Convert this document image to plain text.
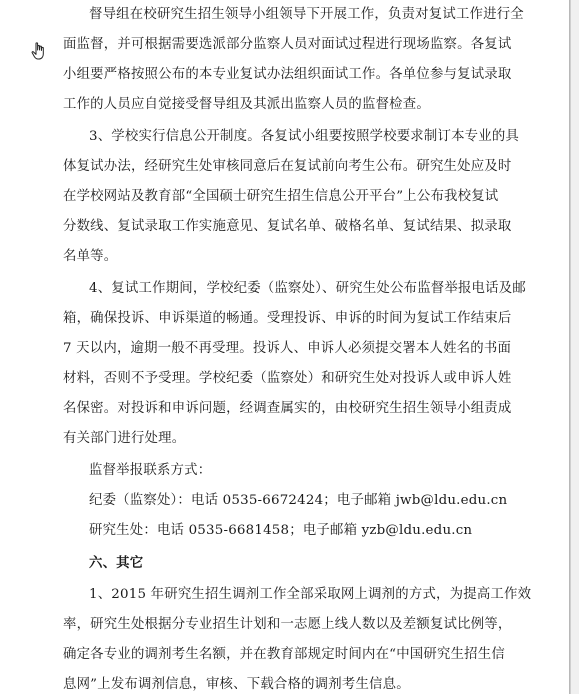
督导组在校研究生招生领导小组领导下开展工作，负责对复试工作进行全
面监督，并可根据需要选派部分监察人员对面试过程进行现场监察。各复试
小组要严格按照公布的本专业复试办法组织面试工作。各单位参与复试录取
工作的人员应自觉接受督导组及其派出监察人员的监督检查。
3、学校实行信息公开制度。各复试小组要按照学校要求制订本专业的具
体复试办法，经研究生处审核同意后在复试前向考生公布。研究生处应及时
在学校网站及教育部“全国硕士研究生招生信息公开平台”上公布我校复试
分数线、复试录取工作实施意见、复试名单、破格名单、复试结果、拟录取
名单等。
4、复试工作期间，学校纪委（监察处）、研究生处公布监督举报电话及邮
箱，确保投诉、申诉渠道的畅通。受理投诉、申诉的时间为复试工作结束后
7 天以内，逾期一般不再受理。投诉人、申诉人必须提交署本人姓名的书面
材料，否则不予受理。学校纪委（监察处）和研究生处对投诉人或申诉人姓
名保密。对投诉和申诉问题，经调查属实的，由校研究生招生领导小组责成
有关部门进行处理。
监督举报联系方式：
纪委（监察处）：电话 0535-6672424；电子邮箱 jwb@ldu.edu.cn
研究生处：电话 0535-6681458；电子邮箱 yzb@ldu.edu.cn
六、其它
1、2015 年研究生招生调剂工作全部采取网上调剂的方式，为提高工作效
率，研究生处根据分专业招生计划和一志愿上线人数以及差额复试比例等，
确定各专业的调剂考生名额，并在教育部规定时间内在“中国研究生招生信
息网”上发布调剂信息，审核、下载合格的调剂考生信息。
